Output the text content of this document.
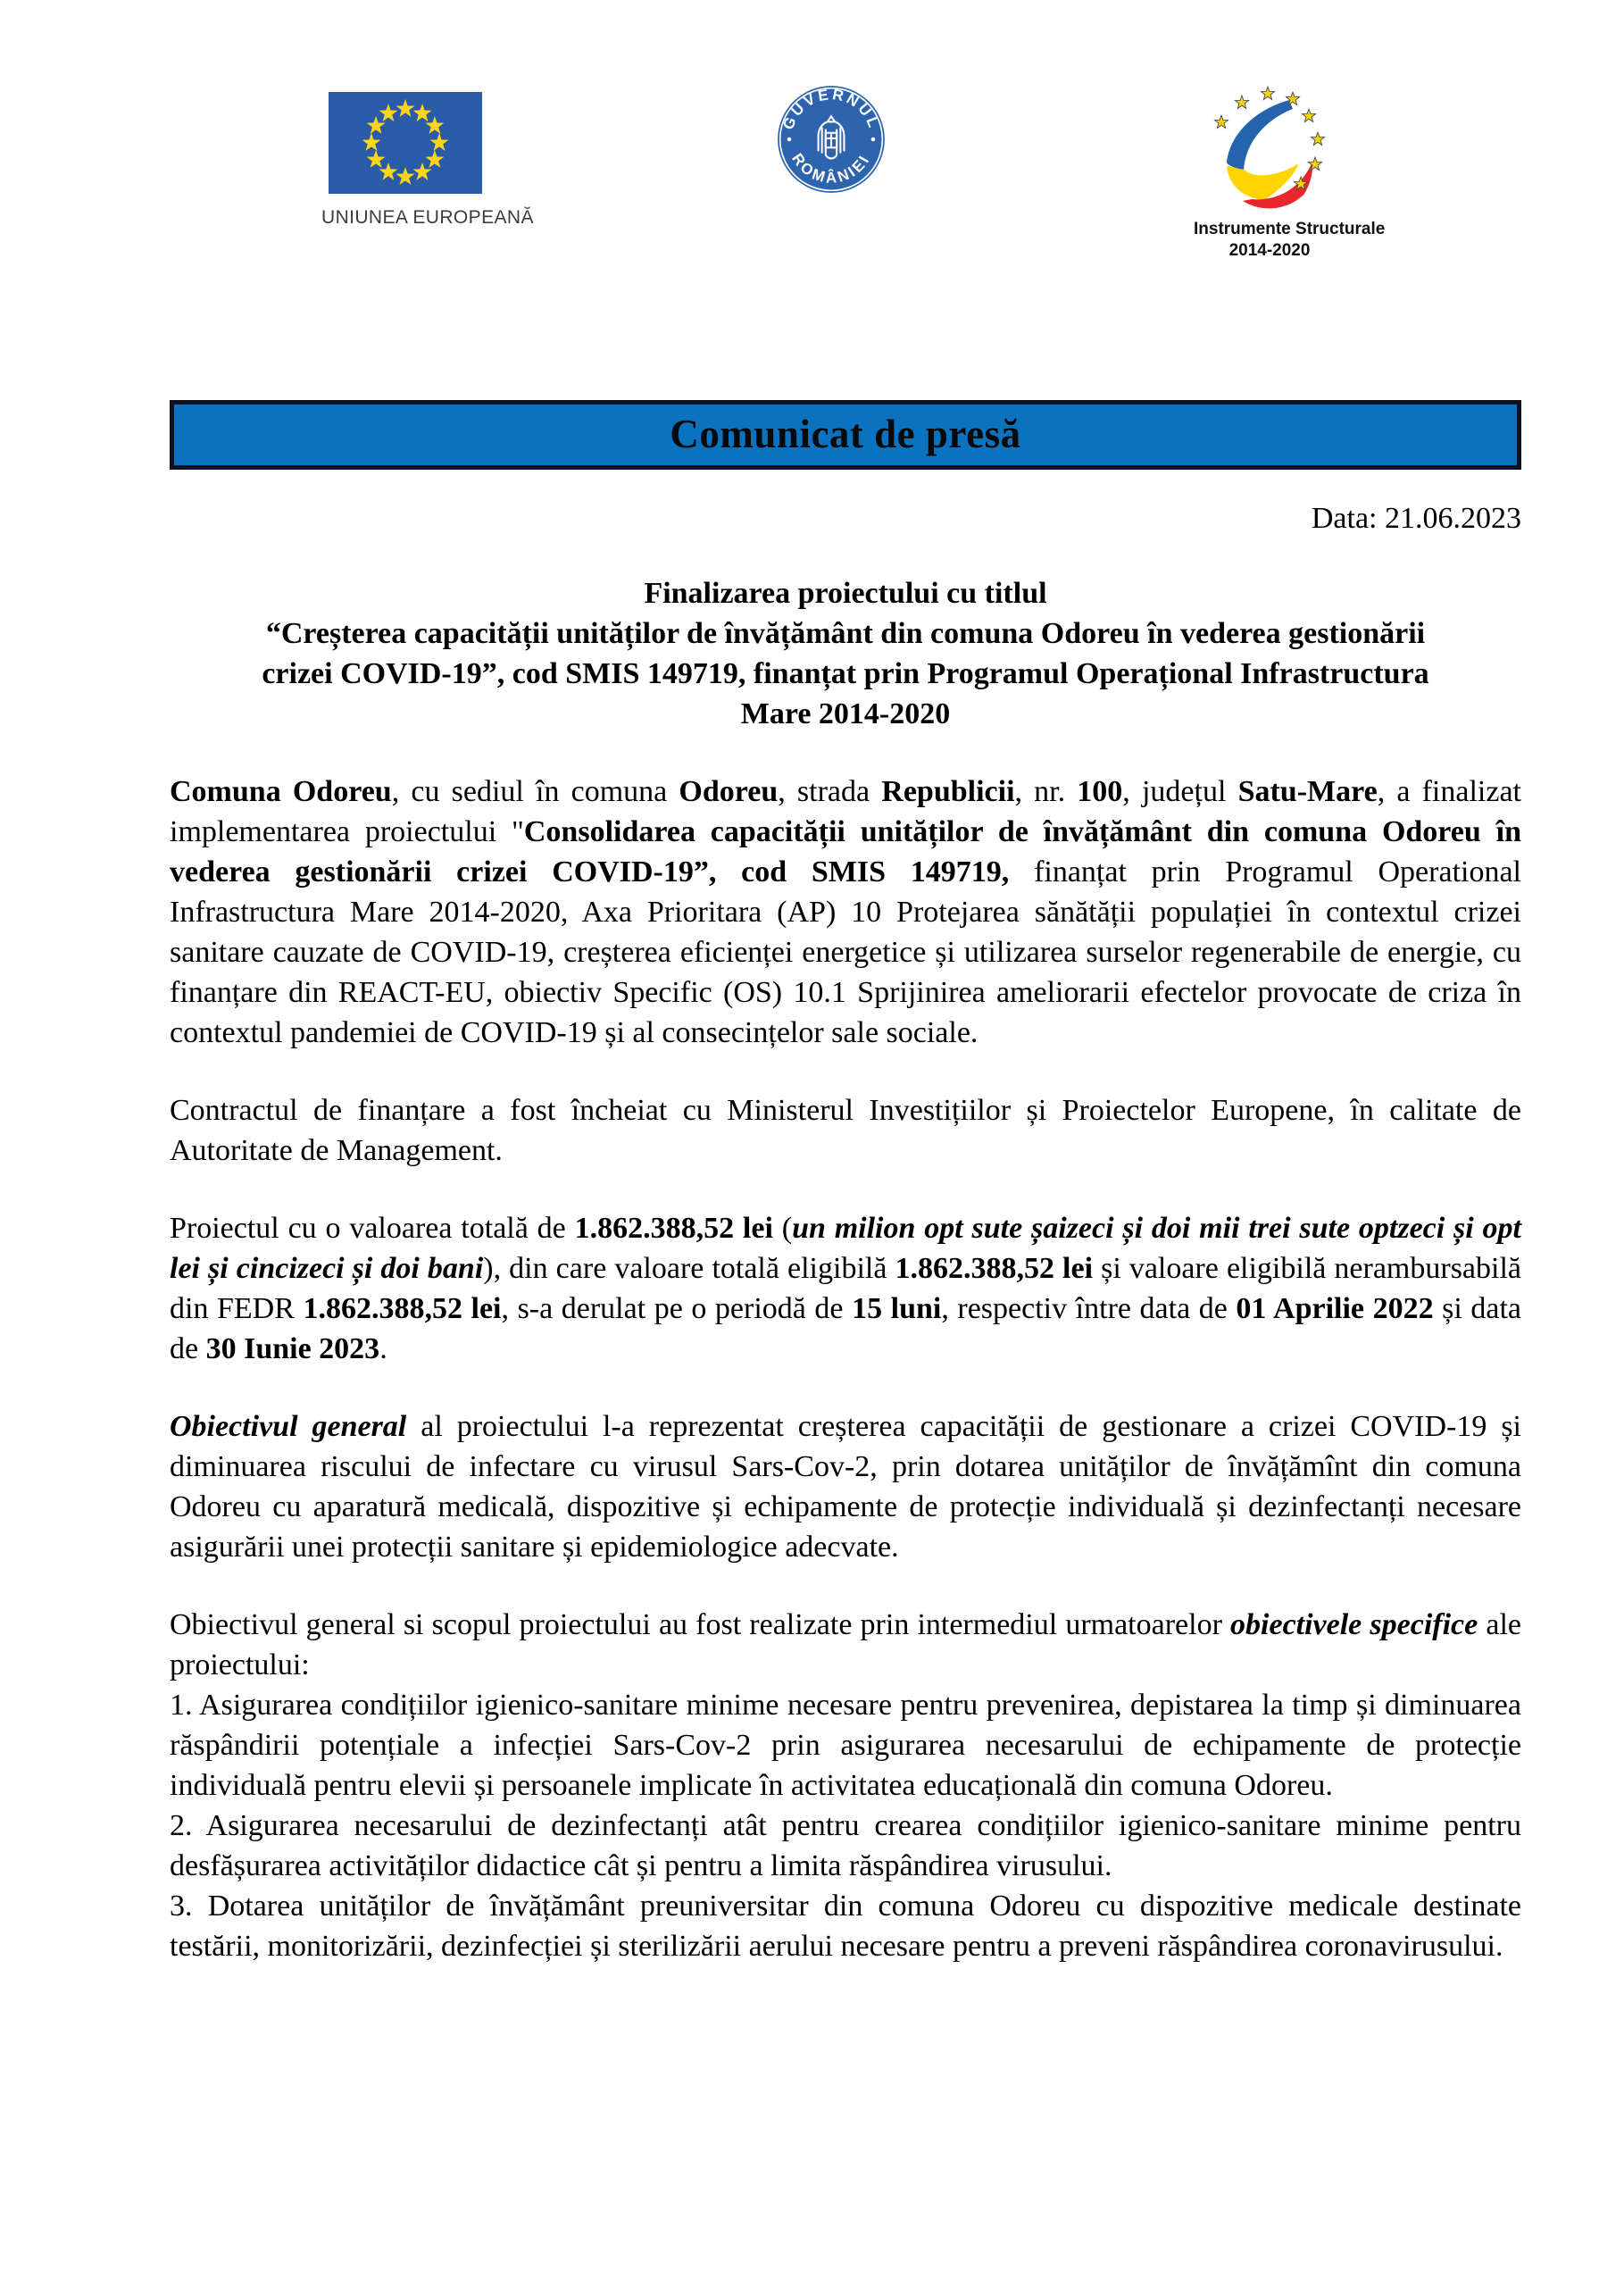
UNIUNEA EUROPEANĂ
GUVERNUL
ROMÂNIEI
Instrumente Structurale
2014-2020
Comunicat de presă
Data: 21.06.2023
Finalizarea proiectului cu titlul
“Creșterea capacității unităților de învățământ din comuna Odoreu în vederea gestionării
crizei COVID-19”, cod SMIS 149719, finanțat prin Programul Operațional Infrastructura
Mare 2014-2020

Comuna Odoreu, cu sediul în comuna Odoreu, strada Republicii, nr. 100, județul Satu-Mare, a finalizat implementarea proiectului "Consolidarea capacității unităților de învățământ din comuna Odoreu în vederea gestionării crizei COVID-19”, cod SMIS 149719, finanțat prin Programul Operational Infrastructura Mare 2014-2020, Axa Prioritara (AP) 10 Protejarea sănătății populației în contextul crizei sanitare cauzate de COVID-19, creșterea eficienței energetice și utilizarea surselor regenerabile de energie, cu finanțare din REACT-EU, obiectiv Specific (OS) 10.1 Sprijinirea ameliorarii efectelor provocate de criza în contextul pandemiei de COVID-19 și al consecințelor sale sociale.

Contractul de finanțare a fost încheiat cu Ministerul Investițiilor și Proiectelor Europene, în calitate de Autoritate de Management.

Proiectul cu o valoarea totală de 1.862.388,52 lei (un milion opt sute șaizeci și doi mii trei sute optzeci și opt lei și cincizeci și doi bani), din care valoare totală eligibilă 1.862.388,52 lei și valoare eligibilă nerambursabilă din FEDR 1.862.388,52 lei, s-a derulat pe o periodă de 15 luni, respectiv între data de 01 Aprilie 2022 și data de 30 Iunie 2023.

Obiectivul general al proiectului l-a reprezentat creșterea capacității de gestionare a crizei COVID-19 și diminuarea riscului de infectare cu virusul Sars-Cov-2, prin dotarea unităților de învățămînt din comuna Odoreu cu aparatură medicală, dispozitive și echipamente de protecție individuală și dezinfectanți necesare asigurării unei protecții sanitare și epidemiologice adecvate.

Obiectivul general si scopul proiectului au fost realizate prin intermediul urmatoarelor obiectivele specifice ale proiectului:

1. Asigurarea condițiilor igienico-sanitare minime necesare pentru prevenirea, depistarea la timp și diminuarea răspândirii potențiale a infecției Sars-Cov-2 prin asigurarea necesarului de echipamente de protecție individuală pentru elevii și persoanele implicate în activitatea educațională din comuna Odoreu.

2. Asigurarea necesarului de dezinfectanți atât pentru crearea condițiilor igienico-sanitare minime pentru desfășurarea activităților didactice cât și pentru a limita răspândirea virusului.

3. Dotarea unităților de învățământ preuniversitar din comuna Odoreu cu dispozitive medicale destinate testării, monitorizării, dezinfecției și sterilizării aerului necesare pentru a preveni răspândirea coronavirusului.
